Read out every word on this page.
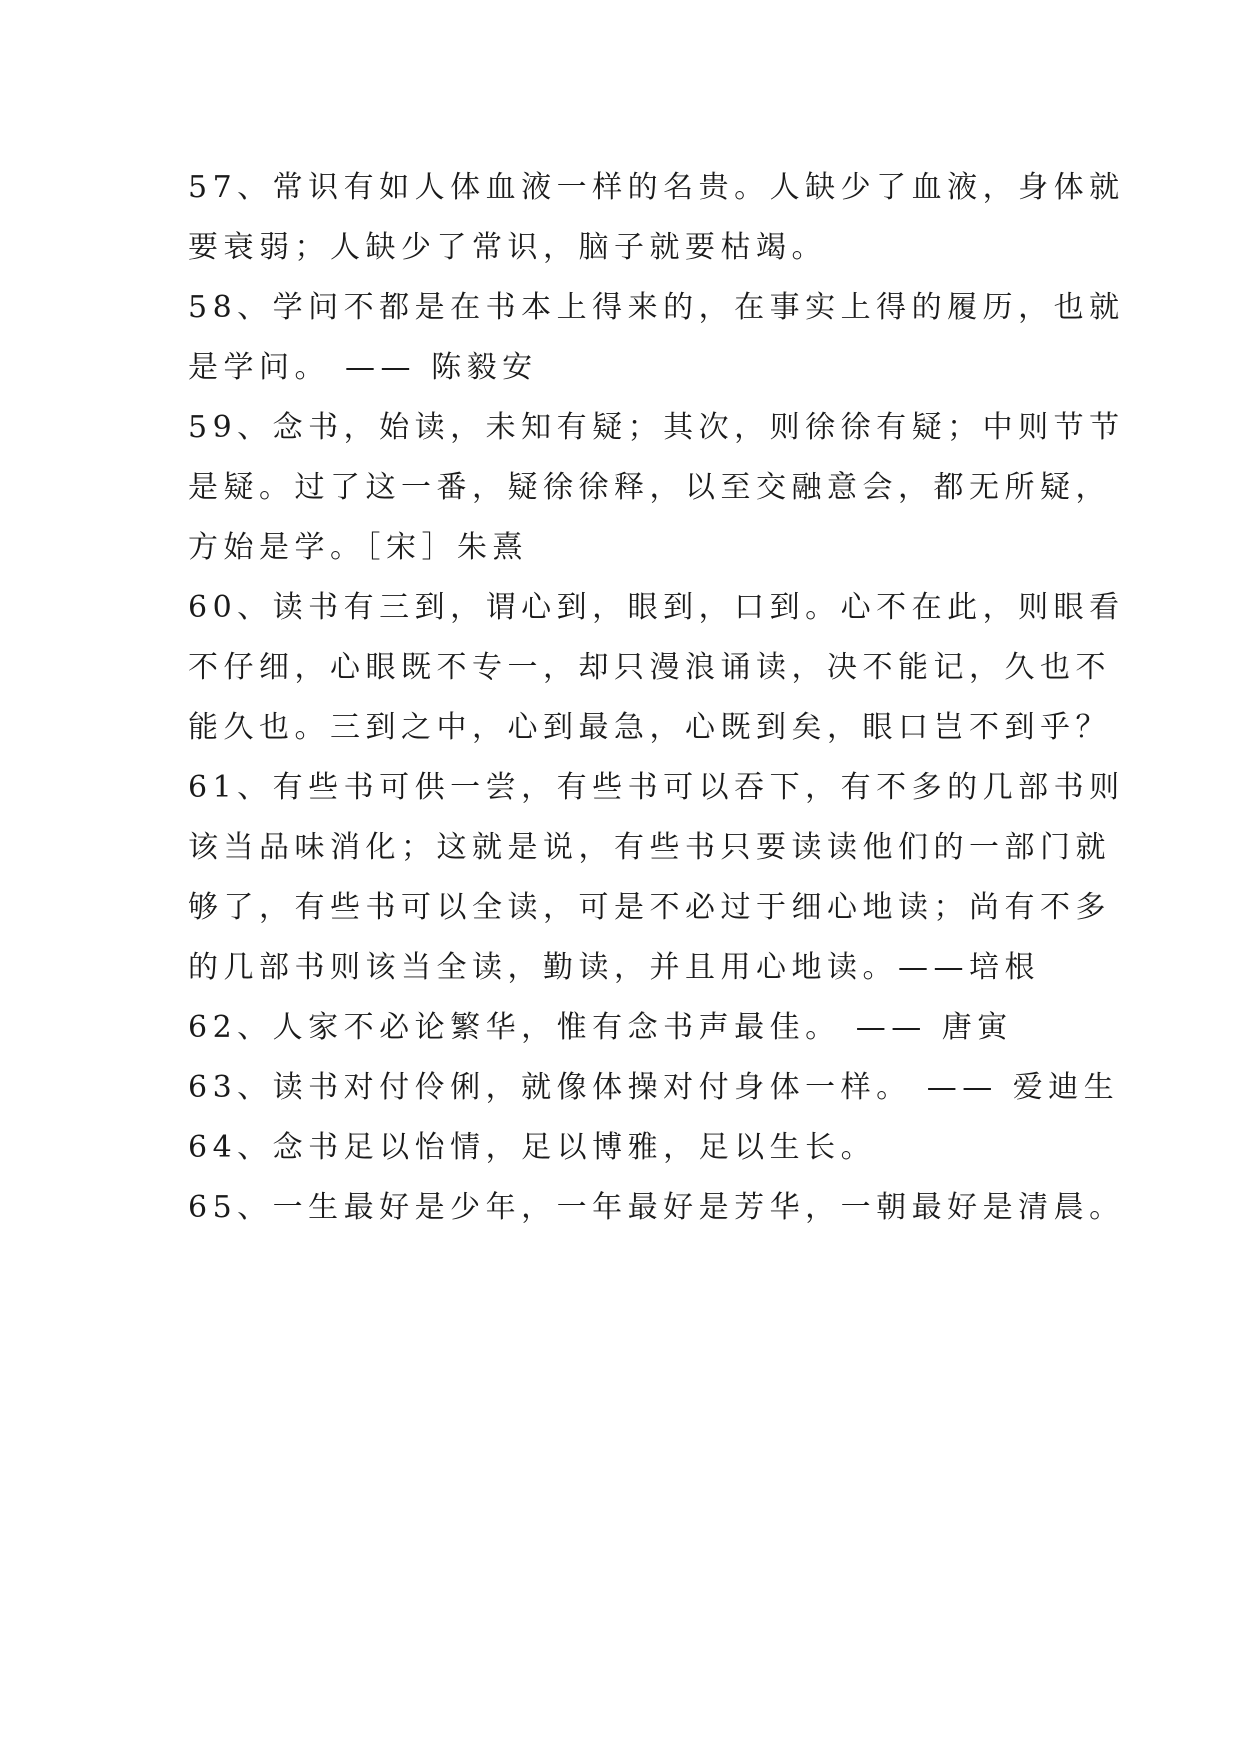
57、常识有如人体血液一样的名贵。人缺少了血液，身体就
要衰弱；人缺少了常识，脑子就要枯竭。
58、学问不都是在书本上得来的，在事实上得的履历，也就
是学问。 —— 陈毅安
59、念书，始读，未知有疑；其次，则徐徐有疑；中则节节
是疑。过了这一番，疑徐徐释，以至交融意会，都无所疑，
方始是学。［宋］朱熹
60、读书有三到，谓心到，眼到，口到。心不在此，则眼看
不仔细，心眼既不专一，却只漫浪诵读，决不能记，久也不
能久也。三到之中，心到最急，心既到矣，眼口岂不到乎？
61、有些书可供一尝，有些书可以吞下，有不多的几部书则
该当品味消化；这就是说，有些书只要读读他们的一部门就
够了，有些书可以全读，可是不必过于细心地读；尚有不多
的几部书则该当全读，勤读，并且用心地读。——培根
62、人家不必论繁华，惟有念书声最佳。 —— 唐寅
63、读书对付伶俐，就像体操对付身体一样。 —— 爱迪生
64、念书足以怡情，足以博雅，足以生长。
65、一生最好是少年，一年最好是芳华，一朝最好是清晨。
